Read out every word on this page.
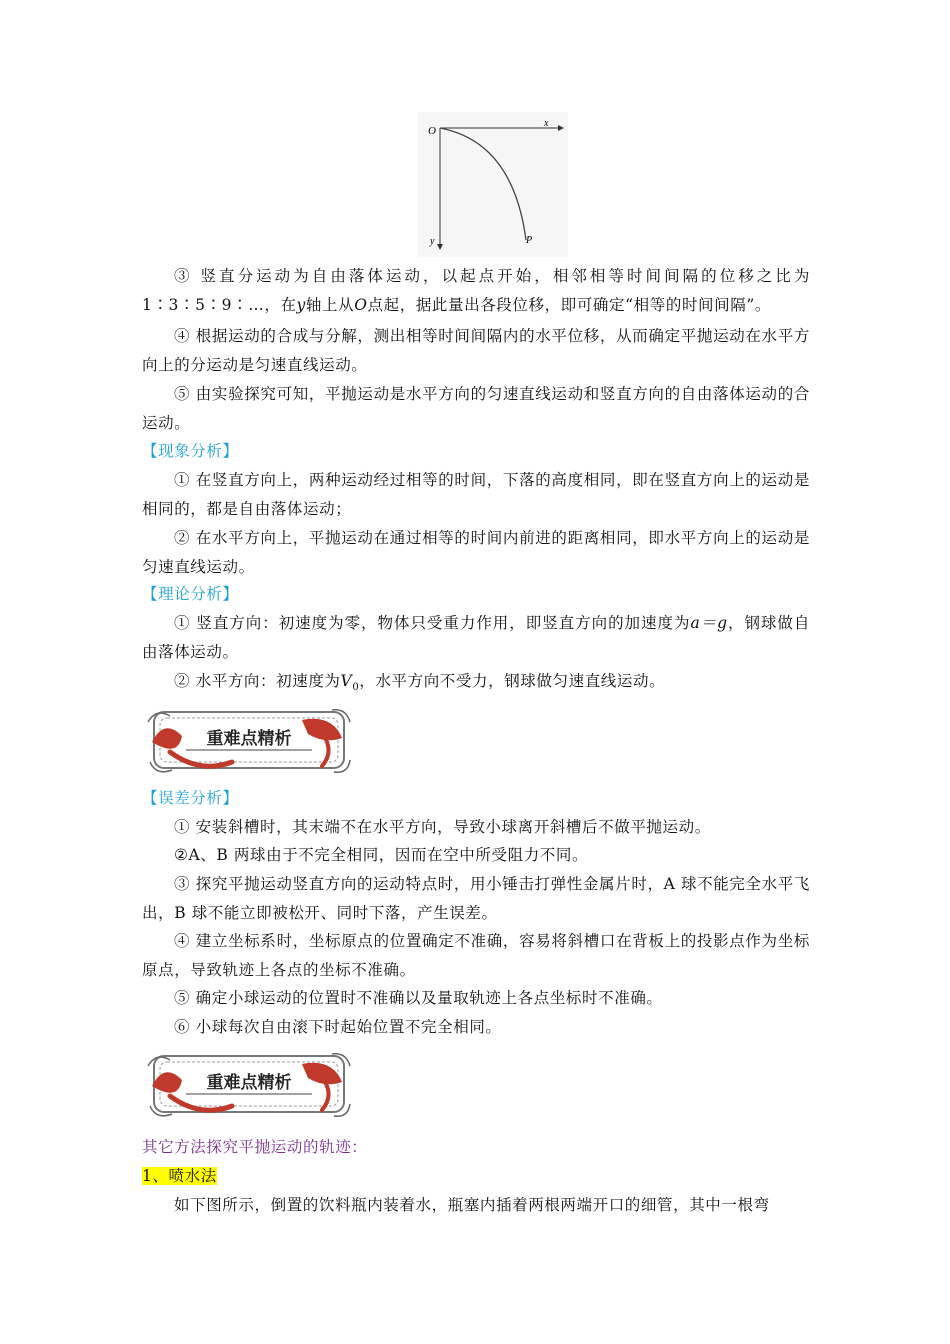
O
x
y	P
③ 竖直分运动为自由落体运动，以起点开始，相邻相等时间间隔的位移之比为1∶3∶5∶9∶…，在y轴上从O点起，据此量出各段位移，即可确定“相等的时间间隔”。
④ 根据运动的合成与分解，测出相等时间间隔内的水平位移，从而确定平抛运动在水平方向上的分运动是匀速直线运动。
⑤ 由实验探究可知，平抛运动是水平方向的匀速直线运动和竖直方向的自由落体运动的合运动。
【现象分析】
① 在竖直方向上，两种运动经过相等的时间，下落的高度相同，即在竖直方向上的运动是相同的，都是自由落体运动；
② 在水平方向上，平抛运动在通过相等的时间内前进的距离相同，即水平方向上的运动是匀速直线运动。
【理论分析】
① 竖直方向：初速度为零，物体只受重力作用，即竖直方向的加速度为a＝g，钢球做自由落体运动。
② 水平方向：初速度为$V_0$，水平方向不受力，钢球做匀速直线运动。
重难点精析
【误差分析】
① 安装斜槽时，其末端不在水平方向，导致小球离开斜槽后不做平抛运动。
②A、B 两球由于不完全相同，因而在空中所受阻力不同。
③ 探究平抛运动竖直方向的运动特点时，用小锤击打弹性金属片时，A 球不能完全水平飞出，B 球不能立即被松开、同时下落，产生误差。
④ 建立坐标系时，坐标原点的位置确定不准确，容易将斜槽口在背板上的投影点作为坐标原点，导致轨迹上各点的坐标不准确。
⑤ 确定小球运动的位置时不准确以及量取轨迹上各点坐标时不准确。
⑥ 小球每次自由滚下时起始位置不完全相同。
重难点精析
其它方法探究平抛运动的轨迹：
1、喷水法
如下图所示，倒置的饮料瓶内装着水，瓶塞内插着两根两端开口的细管，其中一根弯
